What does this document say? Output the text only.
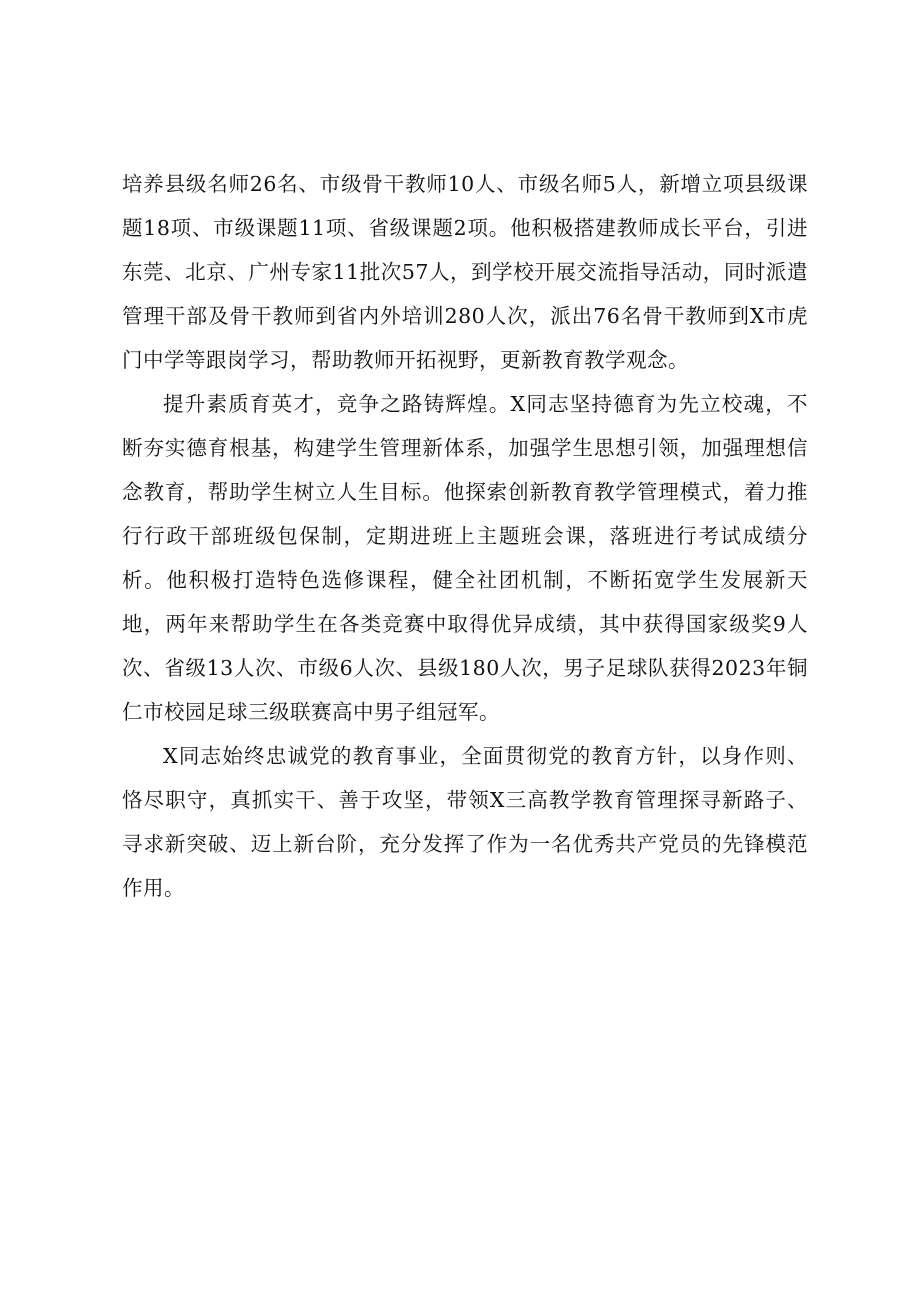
培养县级名师26名、市级骨干教师10人、市级名师5人，新增立项县级课题18项、市级课题11项、省级课题2项。他积极搭建教师成长平台，引进东莞、北京、广州专家11批次57人，到学校开展交流指导活动，同时派遣管理干部及骨干教师到省内外培训280人次，派出76名骨干教师到X市虎门中学等跟岗学习，帮助教师开拓视野，更新教育教学观念。

提升素质育英才，竞争之路铸辉煌。X同志坚持德育为先立校魂，不断夯实德育根基，构建学生管理新体系，加强学生思想引领，加强理想信念教育，帮助学生树立人生目标。他探索创新教育教学管理模式，着力推行行政干部班级包保制，定期进班上主题班会课，落班进行考试成绩分析。他积极打造特色选修课程，健全社团机制，不断拓宽学生发展新天地，两年来帮助学生在各类竞赛中取得优异成绩，其中获得国家级奖9人次、省级13人次、市级6人次、县级180人次，男子足球队获得2023年铜仁市校园足球三级联赛高中男子组冠军。

X同志始终忠诚党的教育事业，全面贯彻党的教育方针，以身作则、恪尽职守，真抓实干、善于攻坚，带领X三高教学教育管理探寻新路子、寻求新突破、迈上新台阶，充分发挥了作为一名优秀共产党员的先锋模范作用。
